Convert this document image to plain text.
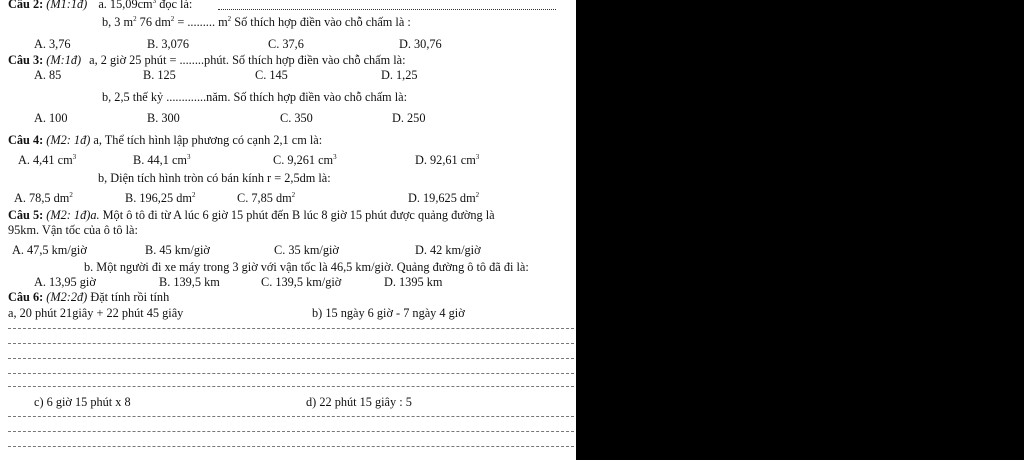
Câu 2: (M1:1đ) a. $15,09cm^3$ đọc là:
b, 3 $m^2$ 76 $dm^2$ = ......... $m^2$ Số thích hợp điền vào chỗ chấm là :
A. 3,76	B. 3,076	C. 37,6	D. 30,76
Câu 3: (M:1đ) a, 2 giờ 25 phút = ........phút. Số thích hợp điền vào chỗ chấm là:
A. 85	B. 125	C. 145	D. 1,25
b, 2,5 thế kỷ .............năm. Số thích hợp điền vào chỗ chấm là:
A. 100	B. 300	C. 350	D. 250
Câu 4: (M2: 1đ) a, Thể tích hình lập phương có cạnh 2,1 cm là:
A. 4,41 $cm^3$	B. 44,1 $cm^3$	C. 9,261 $cm^3$	D. 92,61 $cm^3$
b, Diện tích hình tròn có bán kính r = 2,5dm là:
A. 78,5 $dm^2$	B. 196,25 $dm^2$	C. 7,85 $dm^2$	D. 19,625 $dm^2$
Câu 5: (M2: 1đ)a. Một ô tô đi từ A lúc 6 giờ 15 phút đến B lúc 8 giờ 15 phút được quảng đường là
95km. Vận tốc của ô tô là:
A. 47,5 km/giờ	B. 45 km/giờ	C. 35 km/giờ	D. 42 km/giờ
b. Một người đi xe máy trong 3 giờ với vận tốc là 46,5 km/giờ. Quảng đường ô tô đã đi là:
A. 13,95 giờ	B. 139,5 km	C. 139,5 km/giờ	D. 1395 km
Câu 6: (M2:2đ) Đặt tính rồi tính
a, 20 phút 21giây + 22 phút 45 giây	b) 15 ngày 6 giờ - 7 ngày 4 giờ
c) 6 giờ 15 phút x 8	d) 22 phút 15 giây : 5
